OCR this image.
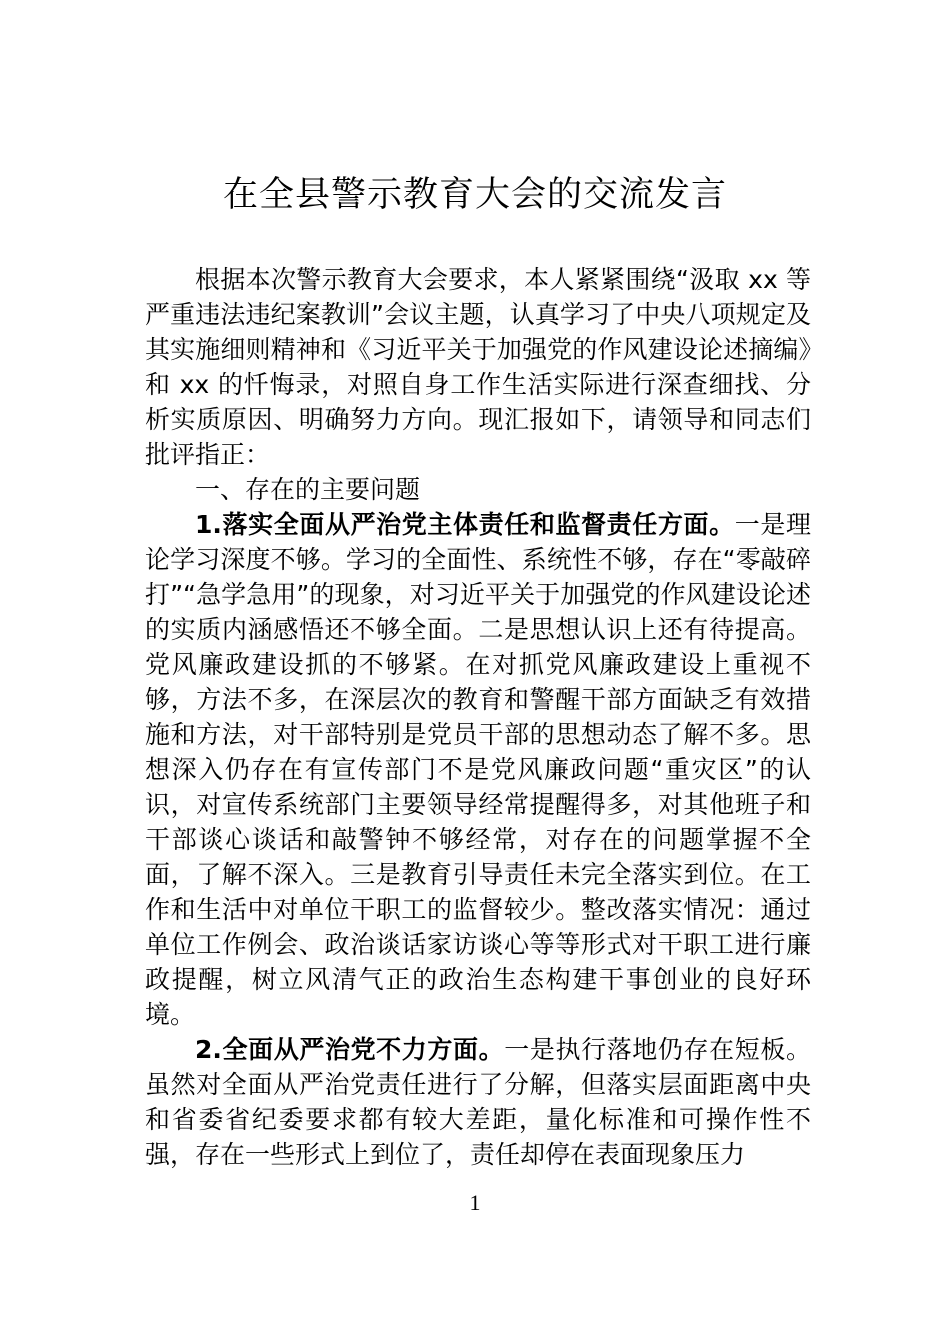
在全县警示教育大会的交流发言

根据本次警示教育大会要求，本人紧紧围绕“汲取 xx 等严重违法违纪案教训”会议主题，认真学习了中央八项规定及其实施细则精神和《习近平关于加强党的作风建设论述摘编》和 xx 的忏悔录，对照自身工作生活实际进行深查细找、分析实质原因、明确努力方向。现汇报如下，请领导和同志们批评指正：

一、存在的主要问题

1.落实全面从严治党主体责任和监督责任方面。一是理论学习深度不够。学习的全面性、系统性不够，存在“零敲碎打”“急学急用”的现象，对习近平关于加强党的作风建设论述的实质内涵感悟还不够全面。二是思想认识上还有待提高。党风廉政建设抓的不够紧。在对抓党风廉政建设上重视不够，方法不多，在深层次的教育和警醒干部方面缺乏有效措施和方法，对干部特别是党员干部的思想动态了解不多。思想深入仍存在有宣传部门不是党风廉政问题“重灾区”的认识，对宣传系统部门主要领导经常提醒得多，对其他班子和干部谈心谈话和敲警钟不够经常，对存在的问题掌握不全面，了解不深入。三是教育引导责任未完全落实到位。在工作和生活中对单位干职工的监督较少。整改落实情况：通过单位工作例会、政治谈话家访谈心等等形式对干职工进行廉政提醒，树立风清气正的政治生态构建干事创业的良好环境。

2.全面从严治党不力方面。一是执行落地仍存在短板。虽然对全面从严治党责任进行了分解，但落实层面距离中央和省委省纪委要求都有较大差距，量化标准和可操作性不强，存在一些形式上到位了，责任却停在表面现象压力

1
